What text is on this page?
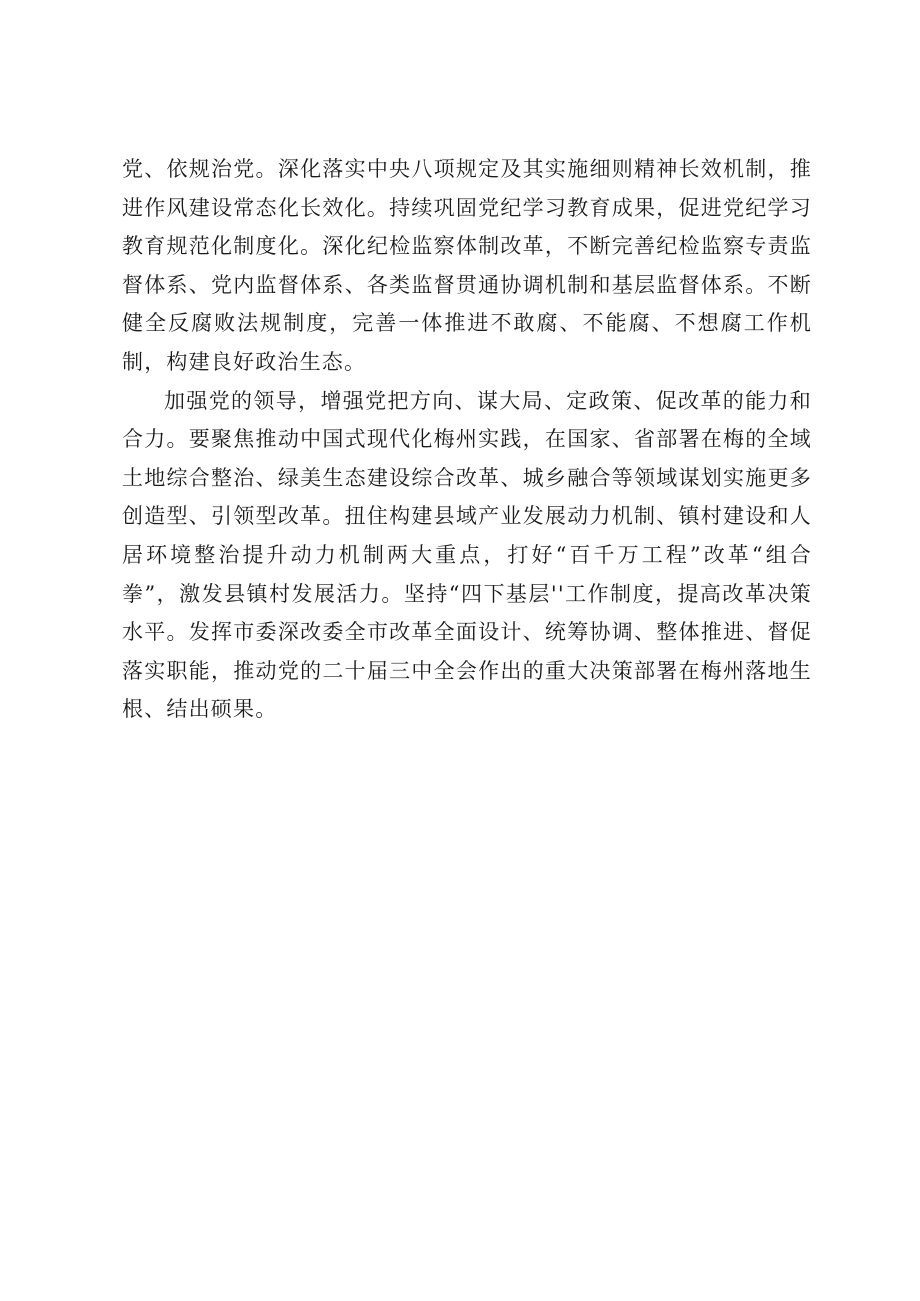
党、依规治党。深化落实中央八项规定及其实施细则精神长效机制，推进作风建设常态化长效化。持续巩固党纪学习教育成果，促进党纪学习教育规范化制度化。深化纪检监察体制改革，不断完善纪检监察专责监督体系、党内监督体系、各类监督贯通协调机制和基层监督体系。不断健全反腐败法规制度，完善一体推进不敢腐、不能腐、不想腐工作机制，构建良好政治生态。

加强党的领导，增强党把方向、谋大局、定政策、促改革的能力和合力。要聚焦推动中国式现代化梅州实践，在国家、省部署在梅的全域土地综合整治、绿美生态建设综合改革、城乡融合等领域谋划实施更多创造型、引领型改革。扭住构建县域产业发展动力机制、镇村建设和人居环境整治提升动力机制两大重点，打好“百千万工程”改革“组合拳”，激发县镇村发展活力。坚持“四下基层''工作制度，提高改革决策水平。发挥市委深改委全市改革全面设计、统筹协调、整体推进、督促落实职能，推动党的二十届三中全会作出的重大决策部署在梅州落地生根、结出硕果。
